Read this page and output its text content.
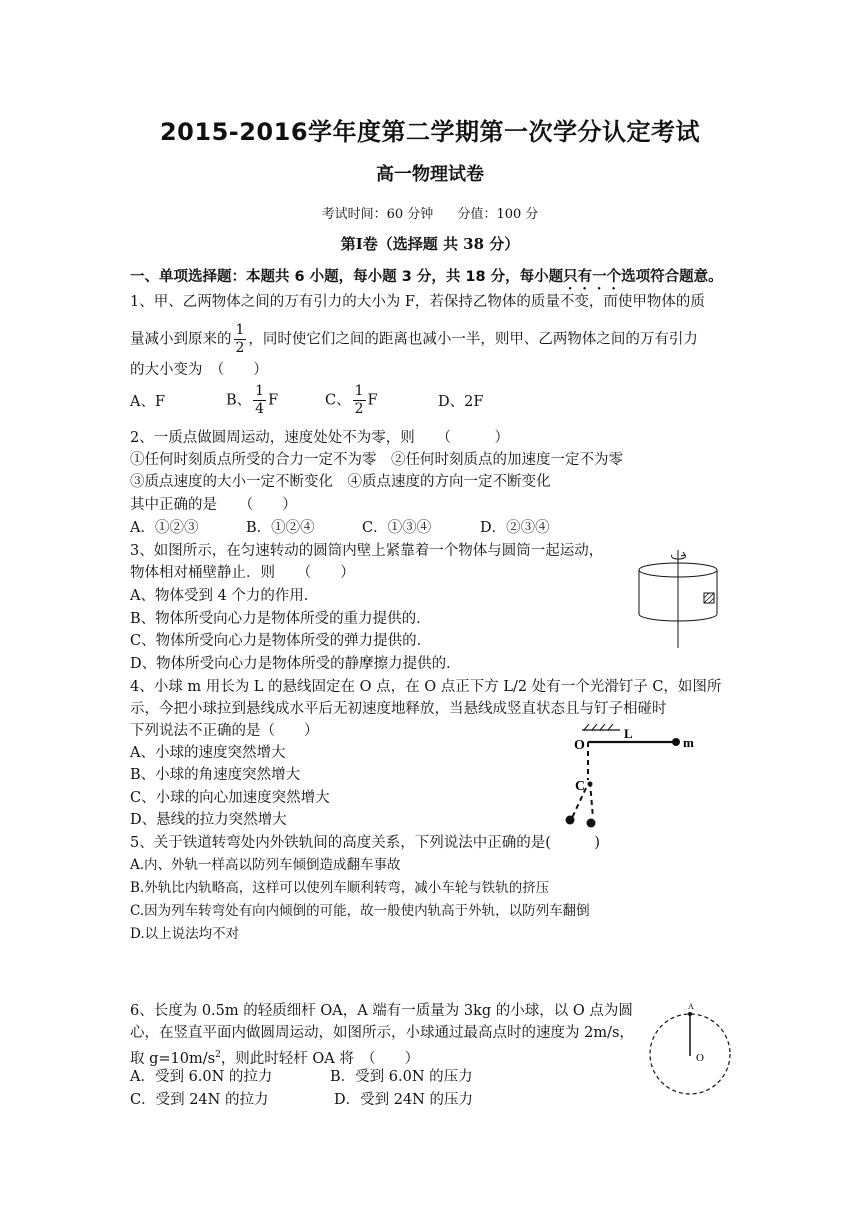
2015-2016学年度第二学期第一次学分认定考试
高一物理试卷
考试时间：60 分钟 分值：100 分
第Ⅰ卷（选择题 共 38 分）
一、单项选择题：本题共 6 小题，每小题 3 分，共 18 分，每小题只有一个选项符合题意。
1、甲、乙两物体之间的万有引力的大小为 F，若保持乙物体的质量不变，而使甲物体的质
量减小到原来的 $\frac{1}{2}$ ，同时使它们之间的距离也减小一半，则甲、乙两物体之间的万有引力
的大小变为　（　　）
A、F	B、 $\frac{1}{4}$ F	C、 $\frac{1}{2}$ F	D、2F
2、一质点做圆周运动，速度处处不为零，则　　（　　　）
①任何时刻质点所受的合力一定不为零　②任何时刻质点的加速度一定不为零
③质点速度的大小一定不断变化　④质点速度的方向一定不断变化
其中正确的是　　（　　）
A．①②③	B．①②④	C．①③④	D．②③④
3、如图所示，在匀速转动的圆筒内壁上紧靠着一个物体与圆筒一起运动，
物体相对桶壁静止．则　　（　　）
A、物体受到 4 个力的作用．
B、物体所受向心力是物体所受的重力提供的．
C、物体所受向心力是物体所受的弹力提供的．
D、物体所受向心力是物体所受的静摩擦力提供的．
4、小球 m 用长为 L 的悬线固定在 O 点，在 O 点正下方 L/2 处有一个光滑钉子 C，如图所
示，今把小球拉到悬线成水平后无初速度地释放，当悬线成竖直状态且与钉子相碰时
下列说法不正确的是（　　）
A、小球的速度突然增大
B、小球的角速度突然增大
C、小球的向心加速度突然增大
D、悬线的拉力突然增大
O
L
m
C
5、关于铁道转弯处内外铁轨间的高度关系，下列说法中正确的是(　　　)
A.内、外轨一样高以防列车倾倒造成翻车事故
B.外轨比内轨略高，这样可以使列车顺利转弯，减小车轮与铁轨的挤压
C.因为列车转弯处有向内倾倒的可能，故一般使内轨高于外轨，以防列车翻倒
D.以上说法均不对
6、长度为 0.5m 的轻质细杆 OA，A 端有一质量为 3kg 的小球，以 O 点为圆
心，在竖直平面内做圆周运动，如图所示，小球通过最高点时的速度为 2m/s，
取 $g=10m/s^2$，则此时轻杆 OA 将　（　　）
A．受到 6.0N 的拉力	B．受到 6.0N 的压力
C．受到 24N 的拉力	D．受到 24N 的压力
A
O
